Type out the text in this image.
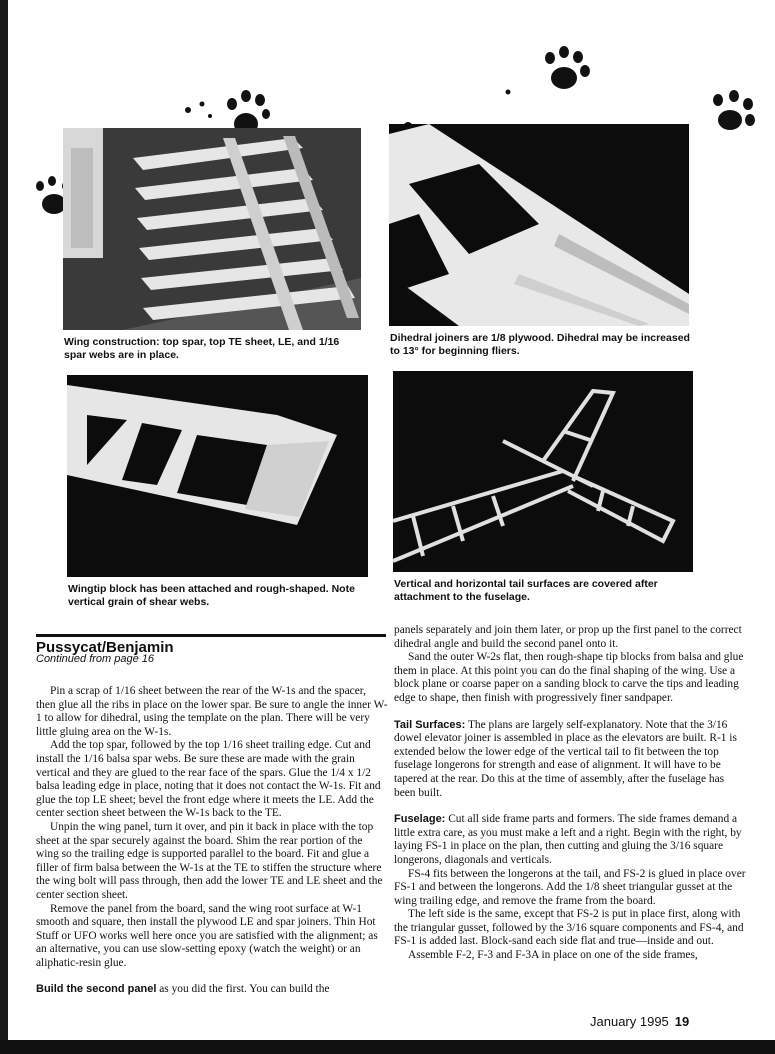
Wing construction: top spar, top TE sheet, LE, and 1/16 spar webs are in place.
Dihedral joiners are 1/8 plywood. Dihedral may be increased to 13° for beginning fliers.
Wingtip block has been attached and rough-shaped. Note vertical grain of shear webs.
Vertical and horizontal tail surfaces are covered after attachment to the fuselage.
Pussycat/Benjamin
Continued from page 16

Pin a scrap of 1/16 sheet between the rear of the W-1s and the spacer, then glue all the ribs in place on the lower spar. Be sure to angle the inner W-1 to allow for dihedral, using the template on the plan. There will be very little gluing area on the W-1s.

Add the top spar, followed by the top 1/16 sheet trailing edge. Cut and install the 1/16 balsa spar webs. Be sure these are made with the grain vertical and they are glued to the rear face of the spars. Glue the 1/4 x 1/2 balsa leading edge in place, noting that it does not contact the W-1s. Fit and glue the top LE sheet; bevel the front edge where it meets the LE. Add the center section sheet between the W-1s back to the TE.

Unpin the wing panel, turn it over, and pin it back in place with the top sheet at the spar securely against the board. Shim the rear portion of the wing so the trailing edge is supported parallel to the board. Fit and glue a filler of firm balsa between the W-1s at the TE to stiffen the structure where the wing bolt will pass through, then add the lower TE and LE sheet and the center section sheet.

Remove the panel from the board, sand the wing root surface at W-1 smooth and square, then install the plywood LE and spar joiners. Thin Hot Stuff or UFO works well here once you are satisfied with the alignment; as an alternative, you can use slow-setting epoxy (watch the weight) or an aliphatic-resin glue.

Build the second panel as you did the first. You can build the

panels separately and join them later, or prop up the first panel to the correct dihedral angle and build the second panel onto it.

Sand the outer W-2s flat, then rough-shape tip blocks from balsa and glue them in place. At this point you can do the final shaping of the wing. Use a block plane or coarse paper on a sanding block to carve the tips and leading edge to shape, then finish with progressively finer sandpaper.

Tail Surfaces: The plans are largely self-explanatory. Note that the 3/16 dowel elevator joiner is assembled in place as the elevators are built. R-1 is extended below the lower edge of the vertical tail to fit between the top fuselage longerons for strength and ease of alignment. It will have to be tapered at the rear. Do this at the time of assembly, after the fuselage has been built.

Fuselage: Cut all side frame parts and formers. The side frames demand a little extra care, as you must make a left and a right. Begin with the right, by laying FS-1 in place on the plan, then cutting and gluing the 3/16 square longerons, diagonals and verticals.

FS-4 fits between the longerons at the tail, and FS-2 is glued in place over FS-1 and between the longerons. Add the 1/8 sheet triangular gusset at the wing trailing edge, and remove the frame from the board.

The left side is the same, except that FS-2 is put in place first, along with the triangular gusset, followed by the 3/16 square components and FS-4, and FS-1 is added last. Block-sand each side flat and true—inside and out.

Assemble F-2, F-3 and F-3A in place on one of the side frames,

January 1995 19
